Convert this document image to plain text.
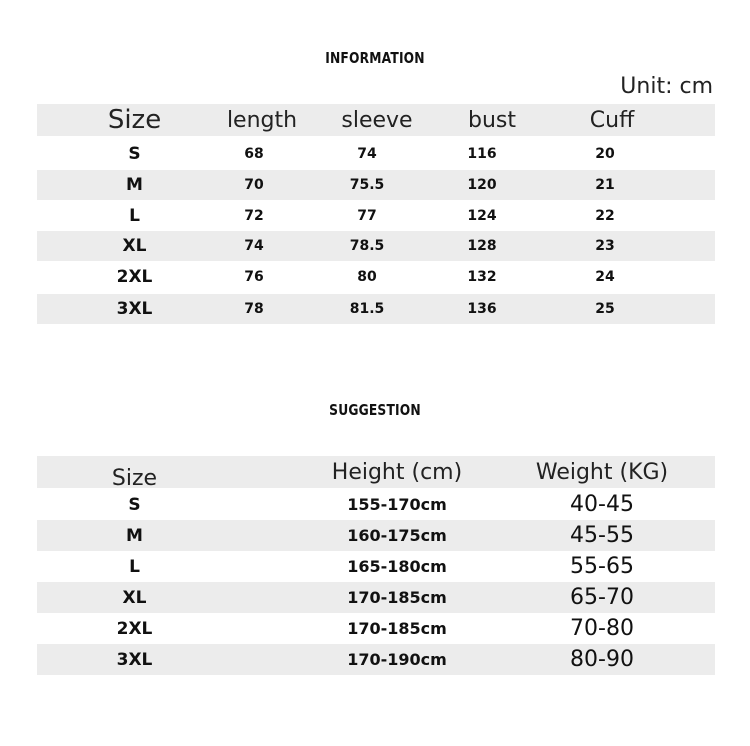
INFORMATION
Unit: cm
Size	length	sleeve	bust	Cuff
S	68	74	116	20
M	70	75.5	120	21
L	72	77	124	22
XL	74	78.5	128	23
2XL	76	80	132	24
3XL	78	81.5	136	25
SUGGESTION
Size	Height (cm)	Weight (KG)
S	155-170cm	40-45
M	160-175cm	45-55
L	165-180cm	55-65
XL	170-185cm	65-70
2XL	170-185cm	70-80
3XL	170-190cm	80-90
